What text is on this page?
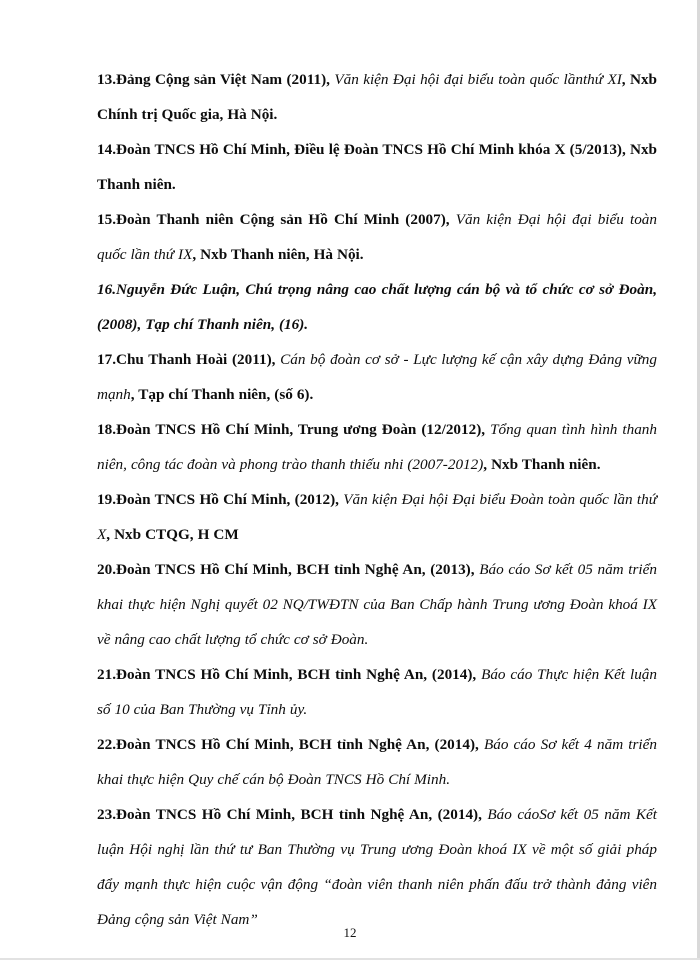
13.Đảng Cộng sản Việt Nam (2011), Văn kiện Đại hội đại biểu toàn quốc lầnthứ XI, Nxb Chính trị Quốc gia, Hà Nội.

14.Đoàn TNCS Hồ Chí Minh, Điều lệ Đoàn TNCS Hồ Chí Minh khóa X (5/2013), Nxb Thanh niên.

15.Đoàn Thanh niên Cộng sản Hồ Chí Minh (2007), Văn kiện Đại hội đại biểu toàn quốc lần thứ IX, Nxb Thanh niên, Hà Nội.

16.Nguyễn Đức Luận, Chú trọng nâng cao chất lượng cán bộ và tổ chức cơ sở Đoàn, (2008), Tạp chí Thanh niên, (16).

17.Chu Thanh Hoài (2011), Cán bộ đoàn cơ sở - Lực lượng kế cận xây dựng Đảng vững mạnh, Tạp chí Thanh niên, (số 6).

18.Đoàn TNCS Hồ Chí Minh, Trung ương Đoàn (12/2012), Tổng quan tình hình thanh niên, công tác đoàn và phong trào thanh thiếu nhi (2007-2012), Nxb Thanh niên.

19.Đoàn TNCS Hồ Chí Minh, (2012), Văn kiện Đại hội Đại biểu Đoàn toàn quốc lần thứ X, Nxb CTQG, H CM

20.Đoàn TNCS Hồ Chí Minh, BCH tỉnh Nghệ An, (2013), Báo cáo Sơ kết 05 năm triển khai thực hiện Nghị quyết 02 NQ/TWĐTN của Ban Chấp hành Trung ương Đoàn khoá IX về nâng cao chất lượng tổ chức cơ sở Đoàn.

21.Đoàn TNCS Hồ Chí Minh, BCH tỉnh Nghệ An, (2014), Báo cáo Thực hiện Kết luận số 10 của Ban Thường vụ Tỉnh ủy.

22.Đoàn TNCS Hồ Chí Minh, BCH tỉnh Nghệ An, (2014), Báo cáo Sơ kết 4 năm triển khai thực hiện Quy chế cán bộ Đoàn TNCS Hồ Chí Minh.

23.Đoàn TNCS Hồ Chí Minh, BCH tỉnh Nghệ An, (2014), Báo cáoSơ kết 05 năm Kết luận Hội nghị lần thứ tư Ban Thường vụ Trung ương Đoàn khoá IX về một số giải pháp đẩy mạnh thực hiện cuộc vận động “đoàn viên thanh niên phấn đấu trở thành đảng viên Đảng cộng sản Việt Nam”

12
